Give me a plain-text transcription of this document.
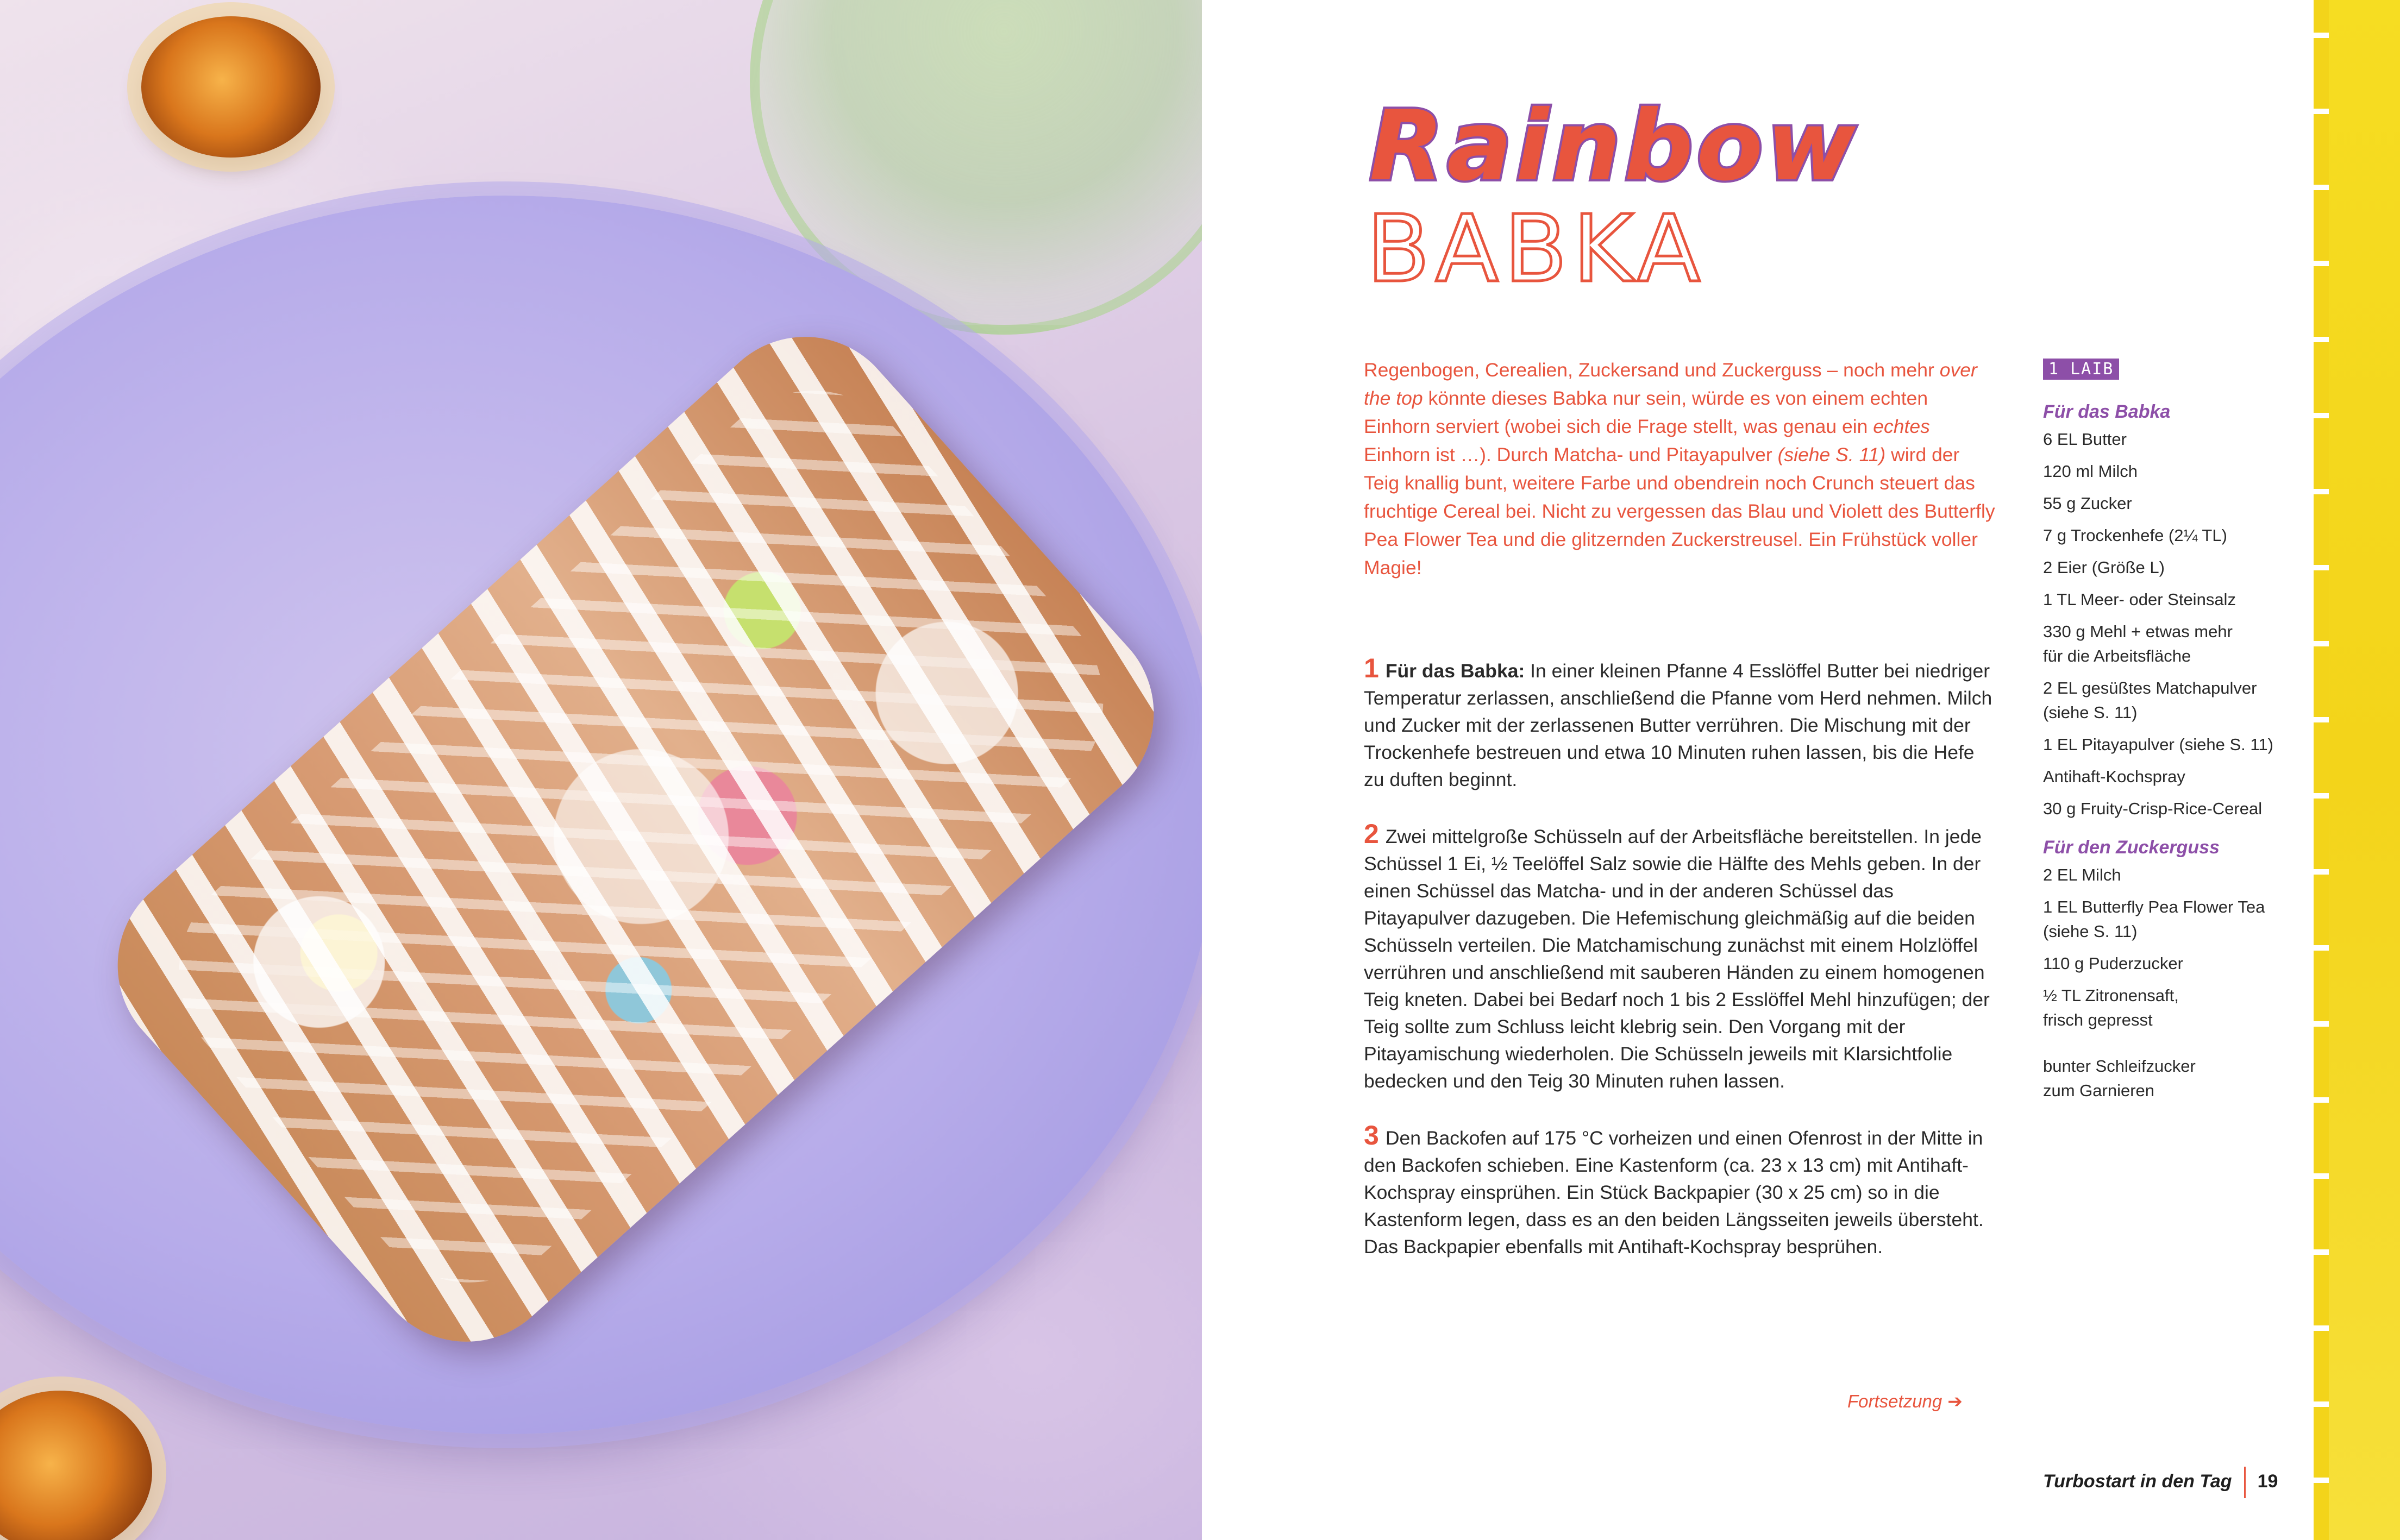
Rainbow
BABKA

Regenbogen, Cerealien, Zuckersand und Zuckerguss – noch mehr over the top könnte dieses Babka nur sein, würde es von einem echten Einhorn serviert (wobei sich die Frage stellt, was genau ein echtes Einhorn ist …). Durch Matcha- und Pitayapulver (siehe S. 11) wird der Teig knallig bunt, weitere Farbe und obendrein noch Crunch steuert das fruchtige Cereal bei. Nicht zu vergessen das Blau und Violett des Butterfly Pea Flower Tea und die glitzernden Zuckerstreusel. Ein Frühstück voller Magie!

1 Für das Babka: In einer kleinen Pfanne 4 Esslöffel Butter bei niedriger Temperatur zerlassen, anschließend die Pfanne vom Herd nehmen. Milch und Zucker mit der zerlassenen Butter verrühren. Die Mischung mit der Trockenhefe bestreuen und etwa 10 Minuten ruhen lassen, bis die Hefe zu duften beginnt.

2 Zwei mittelgroße Schüsseln auf der Arbeitsfläche bereitstellen. In jede Schüssel 1 Ei, ½ Teelöffel Salz sowie die Hälfte des Mehls geben. In der einen Schüssel das Matcha- und in der anderen Schüssel das Pitayapulver dazugeben. Die Hefemischung gleichmäßig auf die beiden Schüsseln verteilen. Die Matchamischung zunächst mit einem Holzlöffel verrühren und anschließend mit sauberen Händen zu einem homogenen Teig kneten. Dabei bei Bedarf noch 1 bis 2 Esslöffel Mehl hinzufügen; der Teig sollte zum Schluss leicht klebrig sein. Den Vorgang mit der Pitayamischung wiederholen. Die Schüsseln jeweils mit Klarsichtfolie bedecken und den Teig 30 Minuten ruhen lassen.

3 Den Backofen auf 175 °C vorheizen und einen Ofenrost in der Mitte in den Backofen schieben. Eine Kastenform (ca. 23 x 13 cm) mit Antihaft-Kochspray einsprühen. Ein Stück Backpapier (30 x 25 cm) so in die Kastenform legen, dass es an den beiden Längsseiten jeweils übersteht. Das Backpapier ebenfalls mit Antihaft-Kochspray besprühen.

Fortsetzung ➔
1 LAIB
Für das Babka
6 EL Butter
120 ml Milch
55 g Zucker
7 g Trockenhefe (2¼ TL)
2 Eier (Größe L)
1 TL Meer- oder Steinsalz
330 g Mehl + etwas mehr
für die Arbeitsfläche
2 EL gesüßtes Matchapulver
(siehe S. 11)
1 EL Pitayapulver (siehe S. 11)
Antihaft-Kochspray
30 g Fruity-Crisp-Rice-Cereal
Für den Zuckerguss
2 EL Milch
1 EL Butterfly Pea Flower Tea
(siehe S. 11)
110 g Puderzucker
½ TL Zitronensaft,
frisch gepresst
bunter Schleifzucker
zum Garnieren
Turbostart in den Tag 19
